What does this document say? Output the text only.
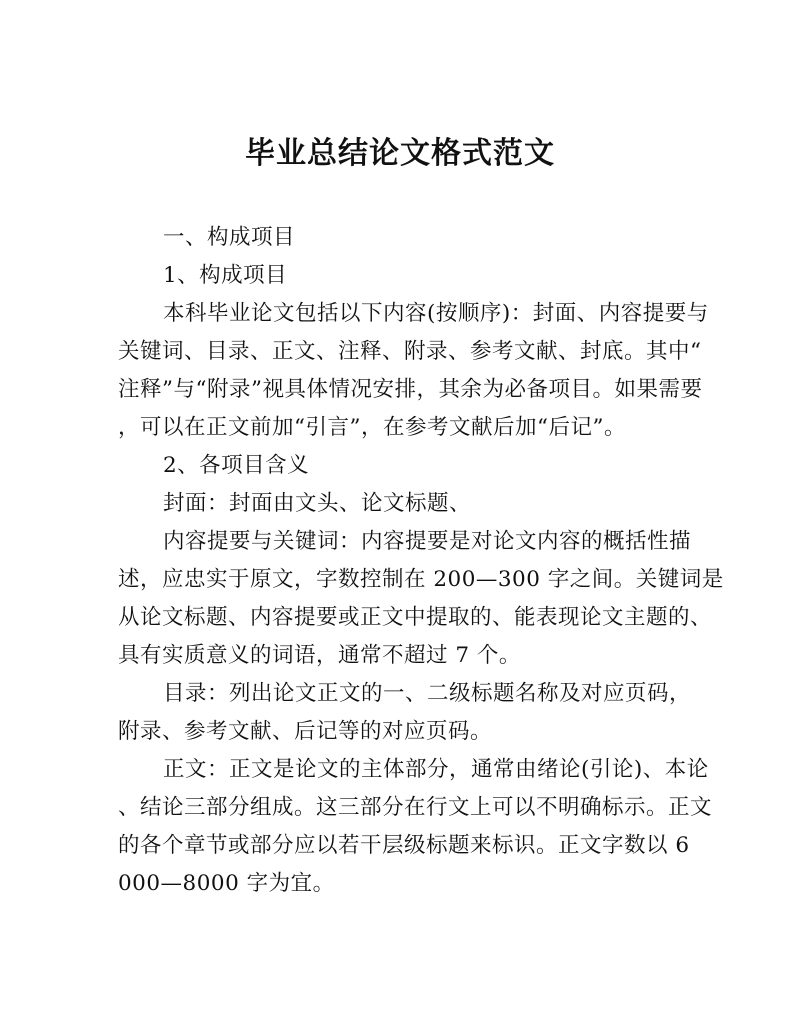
毕业总结论文格式范文
一、构成项目
1、构成项目
本科毕业论文包括以下内容(按顺序)：封面、内容提要与
关键词、目录、正文、注释、附录、参考文献、封底。其中“
注释”与“附录”视具体情况安排，其余为必备项目。如果需要
，可以在正文前加“引言”，在参考文献后加“后记”。
2、各项目含义
封面：封面由文头、论文标题、
内容提要与关键词：内容提要是对论文内容的概括性描
述，应忠实于原文，字数控制在 200—300 字之间。关键词是
从论文标题、内容提要或正文中提取的、能表现论文主题的、
具有实质意义的词语，通常不超过 7 个。
目录：列出论文正文的一、二级标题名称及对应页码，
附录、参考文献、后记等的对应页码。
正文：正文是论文的主体部分，通常由绪论(引论)、本论
、结论三部分组成。这三部分在行文上可以不明确标示。正文
的各个章节或部分应以若干层级标题来标识。正文字数以 6
000—8000 字为宜。
